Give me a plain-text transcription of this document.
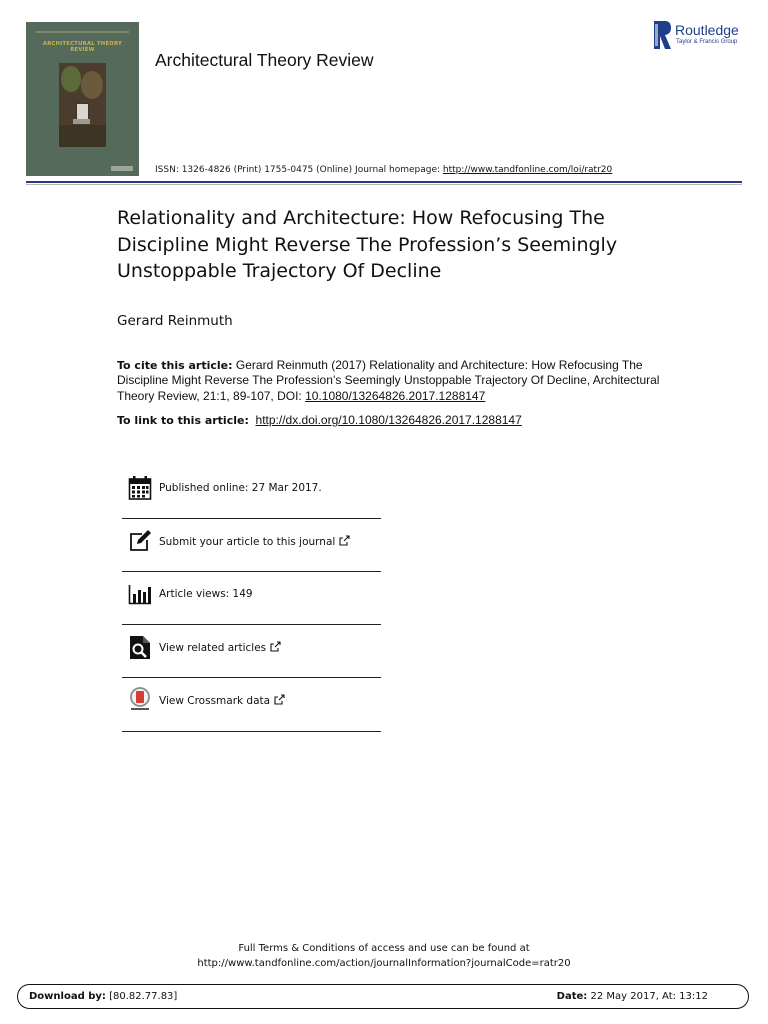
ARCHITECTURAL THEORY REVIEW	Architectural Theory Review
Routledge
Taylor & Francis Group
ISSN: 1326-4826 (Print) 1755-0475 (Online) Journal homepage: http://www.tandfonline.com/loi/ratr20
Relationality and Architecture: How Refocusing The Discipline Might Reverse The Profession’s Seemingly Unstoppable Trajectory Of Decline
Gerard Reinmuth
To cite this article: Gerard Reinmuth (2017) Relationality and Architecture: How Refocusing The Discipline Might Reverse The Profession’s Seemingly Unstoppable Trajectory Of Decline, Architectural Theory Review, 21:1, 89-107, DOI: 10.1080/13264826.2017.1288147
To link to this article: http://dx.doi.org/10.1080/13264826.2017.1288147
Published online: 27 Mar 2017.
Submit your article to this journal
Article views: 149
View related articles
View Crossmark data
Full Terms & Conditions of access and use can be found at
http://www.tandfonline.com/action/journalInformation?journalCode=ratr20
Download by: [80.82.77.83]	Date: 22 May 2017, At: 13:12
